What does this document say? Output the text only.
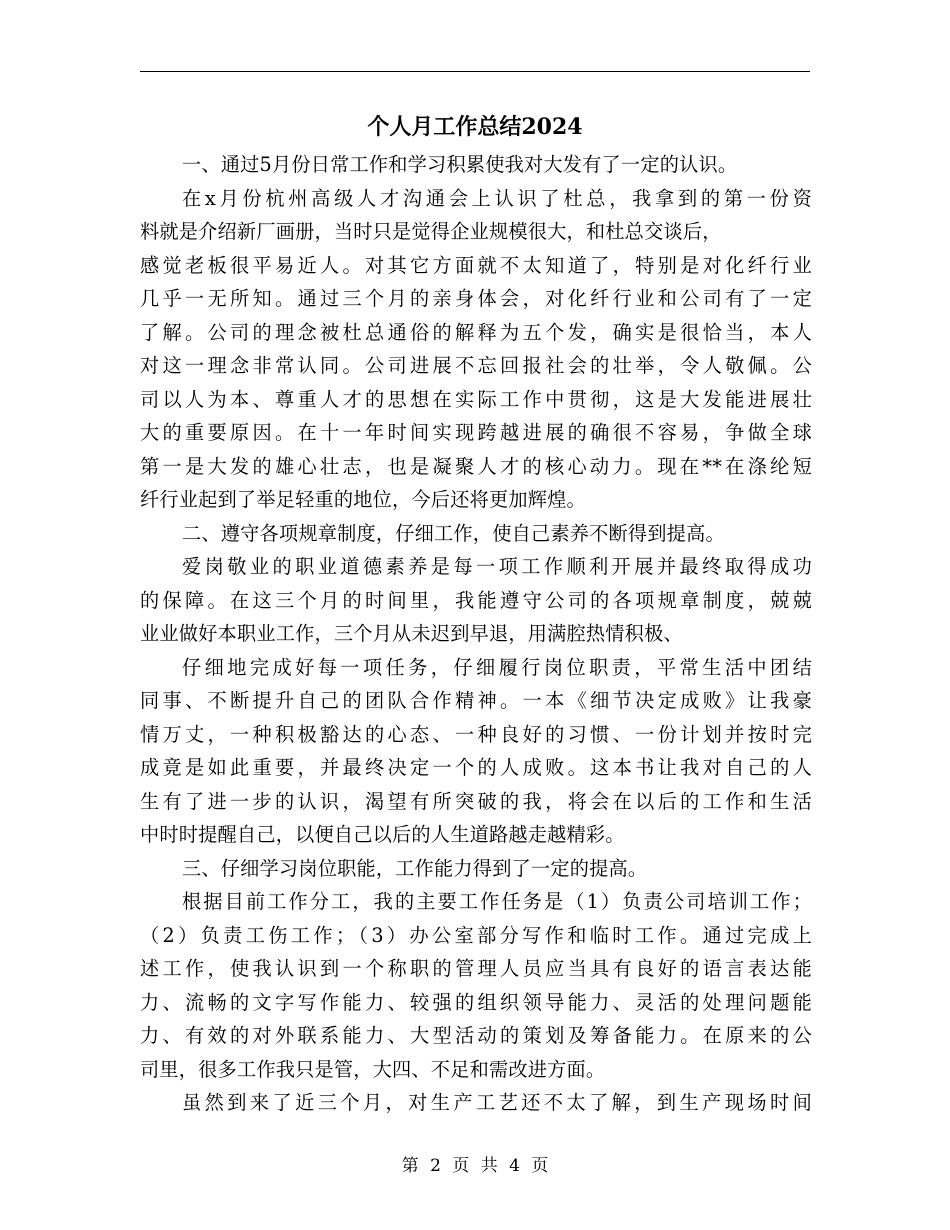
个人月工作总结2024
一、通过5月份日常工作和学习积累使我对大发有了一定的认识。
在x月份杭州高级人才沟通会上认识了杜总，我拿到的第一份资
料就是介绍新厂画册，当时只是觉得企业规模很大，和杜总交谈后，
感觉老板很平易近人。对其它方面就不太知道了，特别是对化纤行业
几乎一无所知。通过三个月的亲身体会，对化纤行业和公司有了一定
了解。公司的理念被杜总通俗的解释为五个发，确实是很恰当，本人
对这一理念非常认同。公司进展不忘回报社会的壮举，令人敬佩。公
司以人为本、尊重人才的思想在实际工作中贯彻，这是大发能进展壮
大的重要原因。在十一年时间实现跨越进展的确很不容易，争做全球
第一是大发的雄心壮志，也是凝聚人才的核心动力。现在**在涤纶短
纤行业起到了举足轻重的地位，今后还将更加辉煌。
二、遵守各项规章制度，仔细工作，使自己素养不断得到提高。
爱岗敬业的职业道德素养是每一项工作顺利开展并最终取得成功
的保障。在这三个月的时间里，我能遵守公司的各项规章制度，兢兢
业业做好本职业工作，三个月从未迟到早退，用满腔热情积极、
仔细地完成好每一项任务，仔细履行岗位职责，平常生活中团结
同事、不断提升自己的团队合作精神。一本《细节决定成败》让我豪
情万丈，一种积极豁达的心态、一种良好的习惯、一份计划并按时完
成竟是如此重要，并最终决定一个的人成败。这本书让我对自己的人
生有了进一步的认识，渴望有所突破的我，将会在以后的工作和生活
中时时提醒自己，以便自己以后的人生道路越走越精彩。
三、仔细学习岗位职能，工作能力得到了一定的提高。
根据目前工作分工，我的主要工作任务是（1）负责公司培训工作；
（2）负责工伤工作；（3）办公室部分写作和临时工作。通过完成上
述工作，使我认识到一个称职的管理人员应当具有良好的语言表达能
力、流畅的文字写作能力、较强的组织领导能力、灵活的处理问题能
力、有效的对外联系能力、大型活动的策划及筹备能力。在原来的公
司里，很多工作我只是管，大四、不足和需改进方面。
虽然到来了近三个月，对生产工艺还不太了解，到生产现场时间
第 2 页 共 4 页
